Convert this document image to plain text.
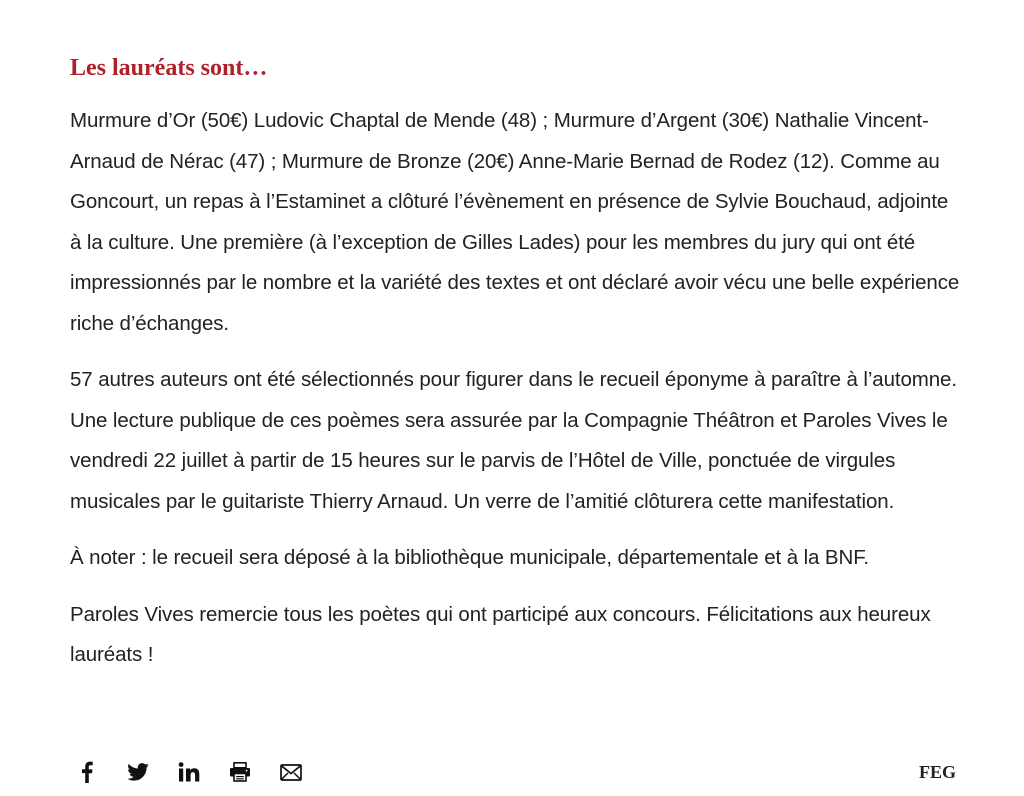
Les lauréats sont…

Murmure d’Or (50€) Ludovic Chaptal de Mende (48) ; Murmure d’Argent (30€) Nathalie Vincent-Arnaud de Nérac (47) ; Murmure de Bronze (20€) Anne-Marie Bernad de Rodez (12). Comme au Goncourt, un repas à l’Estaminet a clôturé l’évènement en présence de Sylvie Bouchaud, adjointe à la culture. Une première (à l’exception de Gilles Lades) pour les membres du jury qui ont été impressionnés par le nombre et la variété des textes et ont déclaré avoir vécu une belle expérience riche d’échanges.

57 autres auteurs ont été sélectionnés pour figurer dans le recueil éponyme à paraître à l’automne. Une lecture publique de ces poèmes sera assurée par la Compagnie Théâtron et Paroles Vives le vendredi 22 juillet à partir de 15 heures sur le parvis de l’Hôtel de Ville, ponctuée de virgules musicales par le guitariste Thierry Arnaud. Un verre de l’amitié clôturera cette manifestation.

À noter : le recueil sera déposé à la bibliothèque municipale, départementale et à la BNF.

Paroles Vives remercie tous les poètes qui ont participé aux concours. Félicitations aux heureux lauréats !

FEG
